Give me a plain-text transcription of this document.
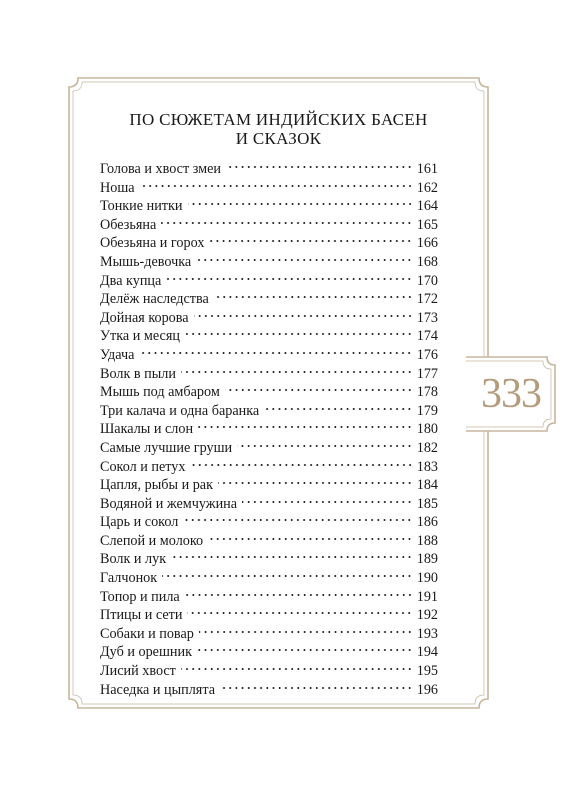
ПО СЮЖЕТАМ ИНДИЙСКИХ БАСЕН
И СКАЗОК
Голова и хвост змеи	161
Ноша	162
Тонкие нитки	164
Обезьяна	165
Обезьяна и горох	166
Мышь-девочка	168
Два купца	170
Делёж наследства	172
Дойная корова	173
Утка и месяц	174
Удача	176
Волк в пыли	177
Мышь под амбаром	178
Три калача и одна баранка	179
Шакалы и слон	180
Самые лучшие груши	182
Сокол и петух	183
Цапля, рыбы и рак	184
Водяной и жемчужина	185
Царь и сокол	186
Слепой и молоко	188
Волк и лук	189
Галчонок	190
Топор и пила	191
Птицы и сети	192
Собаки и повар	193
Дуб и орешник	194
Лисий хвост	195
Наседка и цыплята	196
333
